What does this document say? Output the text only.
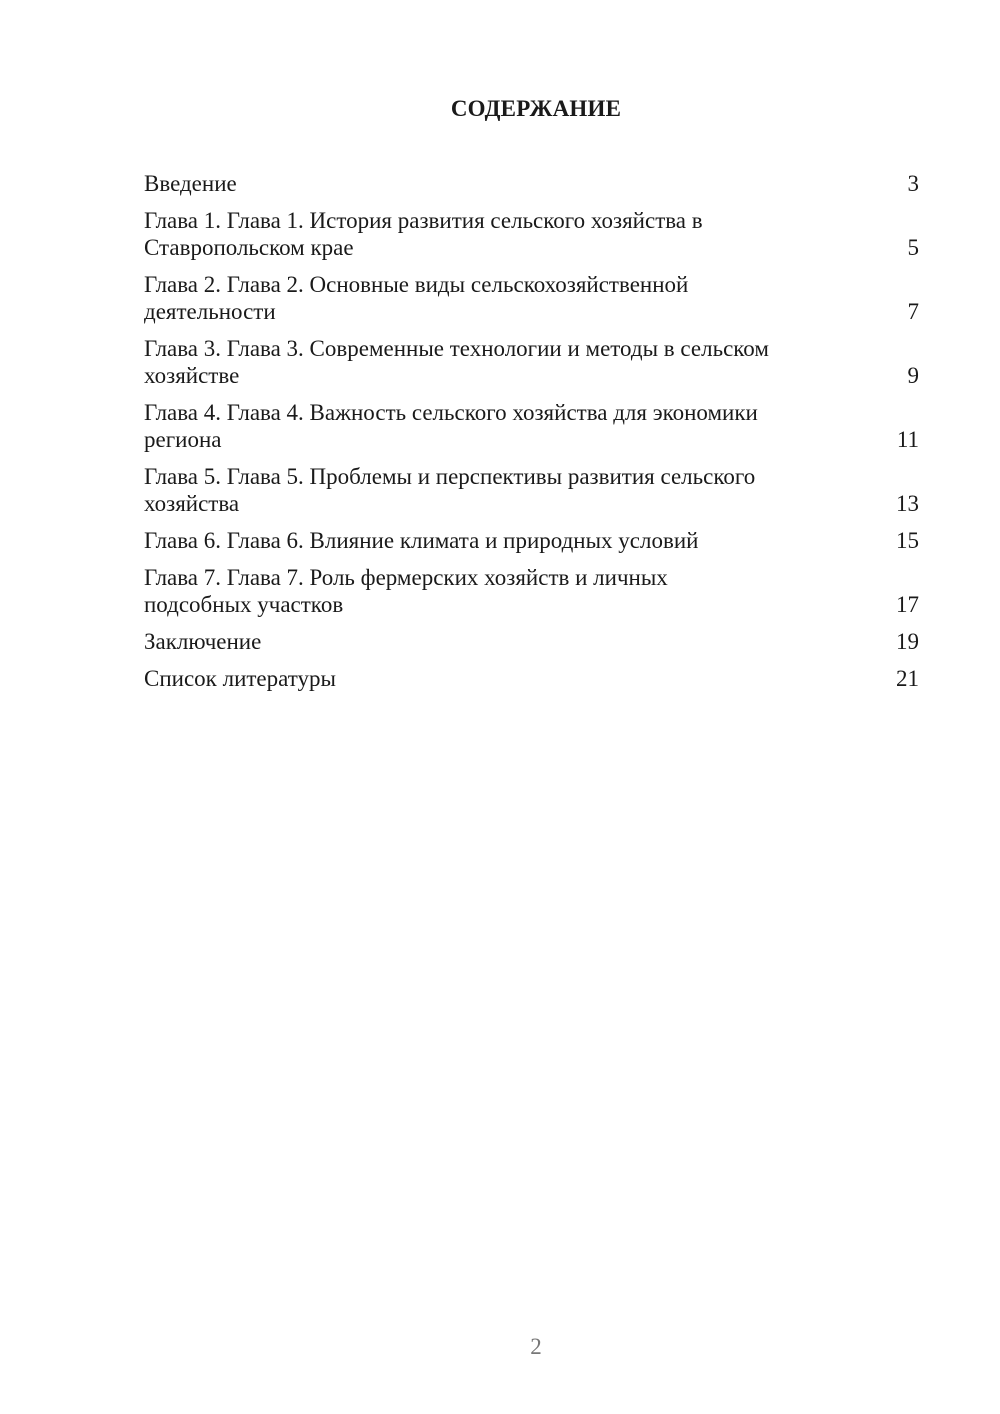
СОДЕРЖАНИЕ
Введение	3
Глава 1. Глава 1. История развития сельского хозяйства в
Ставропольском крае	5
Глава 2. Глава 2. Основные виды сельскохозяйственной
деятельности	7
Глава 3. Глава 3. Современные технологии и методы в сельском
хозяйстве	9
Глава 4. Глава 4. Важность сельского хозяйства для экономики
региона	11
Глава 5. Глава 5. Проблемы и перспективы развития сельского
хозяйства	13
Глава 6. Глава 6. Влияние климата и природных условий	15
Глава 7. Глава 7. Роль фермерских хозяйств и личных
подсобных участков	17
Заключение	19
Список литературы	21
2
